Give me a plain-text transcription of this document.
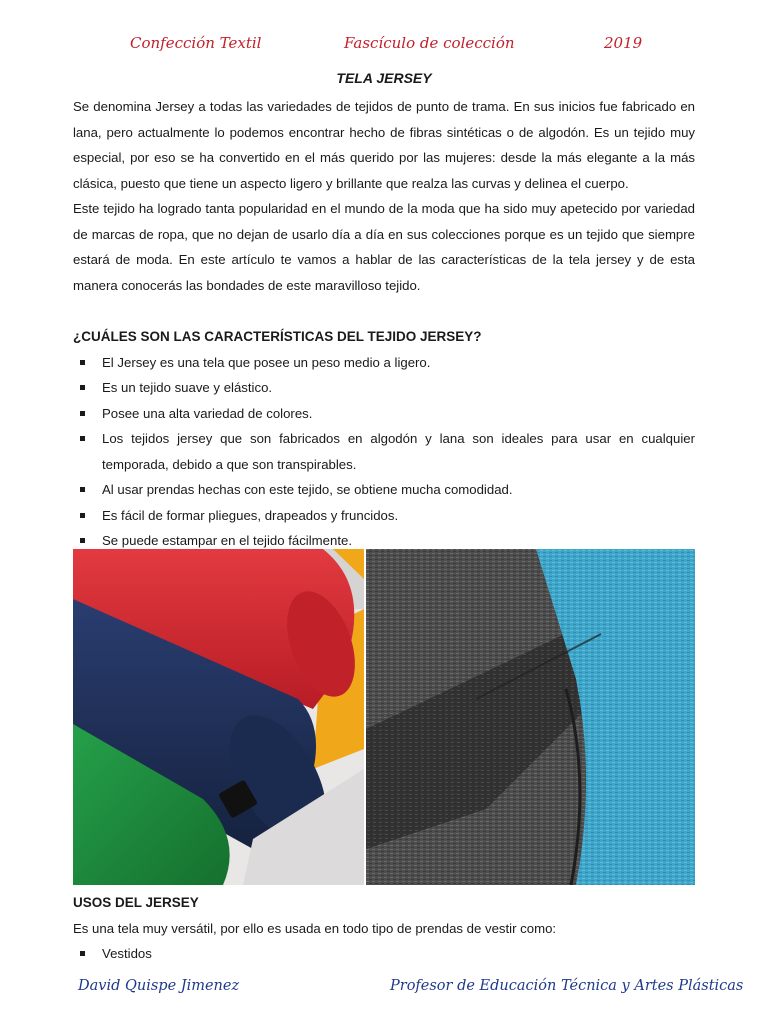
Confección Textil	Fascículo de colección	2019
TELA JERSEY

Se denomina Jersey a todas las variedades de tejidos de punto de trama. En sus inicios fue fabricado en lana, pero actualmente lo podemos encontrar hecho de fibras sintéticas o de algodón. Es un tejido muy especial, por eso se ha convertido en el más querido por las mujeres: desde la más elegante a la más clásica, puesto que tiene un aspecto ligero y brillante que realza las curvas y delinea el cuerpo.

Este tejido ha logrado tanta popularidad en el mundo de la moda que ha sido muy apetecido por variedad de marcas de ropa, que no dejan de usarlo día a día en sus colecciones porque es un tejido que siempre estará de moda. En este artículo te vamos a hablar de las características de la tela jersey y de esta manera conocerás las bondades de este maravilloso tejido.

¿CUÁLES SON LAS CARACTERÍSTICAS DEL TEJIDO JERSEY?

El Jersey es una tela que posee un peso medio a ligero.
Es un tejido suave y elástico.
Posee una alta variedad de colores.
Los tejidos jersey que son fabricados en algodón y lana son ideales para usar en cualquier temporada, debido a que son transpirables.
Al usar prendas hechas con este tejido, se obtiene mucha comodidad.
Es fácil de formar pliegues, drapeados y fruncidos.
Se puede estampar en el tejido fácilmente.

USOS DEL JERSEY

Es una tela muy versátil, por ello es usada en todo tipo de prendas de vestir como:

Vestidos
David Quispe Jimenez	Profesor de Educación Técnica y Artes Plásticas
